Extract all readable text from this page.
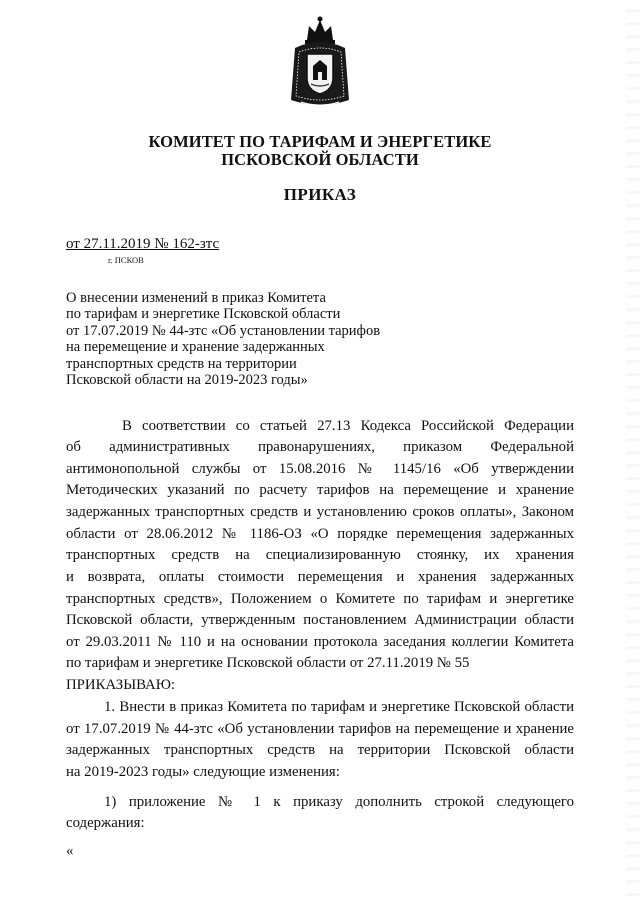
КОМИТЕТ ПО ТАРИФАМ И ЭНЕРГЕТИКЕ
ПСКОВСКОЙ ОБЛАСТИ
ПРИКАЗ
от 27.11.2019 № 162-зтс
г. ПСКОВ
О внесении изменений в приказ Комитета
по тарифам и энергетике Псковской области
от 17.07.2019 № 44-зтс «Об установлении тарифов
на перемещение и хранение задержанных
транспортных средств на территории
Псковской области на 2019-2023 годы»
В соответствии со статьей 27.13 Кодекса Российской Федерации
об административных правонарушениях, приказом Федеральной
антимонопольной службы от 15.08.2016 № 1145/16 «Об утверждении
Методических указаний по расчету тарифов на перемещение и хранение
задержанных транспортных средств и установлению сроков оплаты», Законом
области от 28.06.2012 № 1186-ОЗ «О порядке перемещения задержанных
транспортных средств на специализированную стоянку, их хранения
и возврата, оплаты стоимости перемещения и хранения задержанных
транспортных средств», Положением о Комитете по тарифам и энергетике
Псковской области, утвержденным постановлением Администрации области
от 29.03.2011 № 110 и на основании протокола заседания коллегии Комитета
по тарифам и энергетике Псковской области от 27.11.2019 № 55
ПРИКАЗЫВАЮ:
1. Внести в приказ Комитета по тарифам и энергетике Псковской области
от 17.07.2019 № 44-зтс «Об установлении тарифов на перемещение и хранение
задержанных транспортных средств на территории Псковской области
на 2019-2023 годы» следующие изменения:
1) приложение № 1 к приказу дополнить строкой следующего
содержания:
«
